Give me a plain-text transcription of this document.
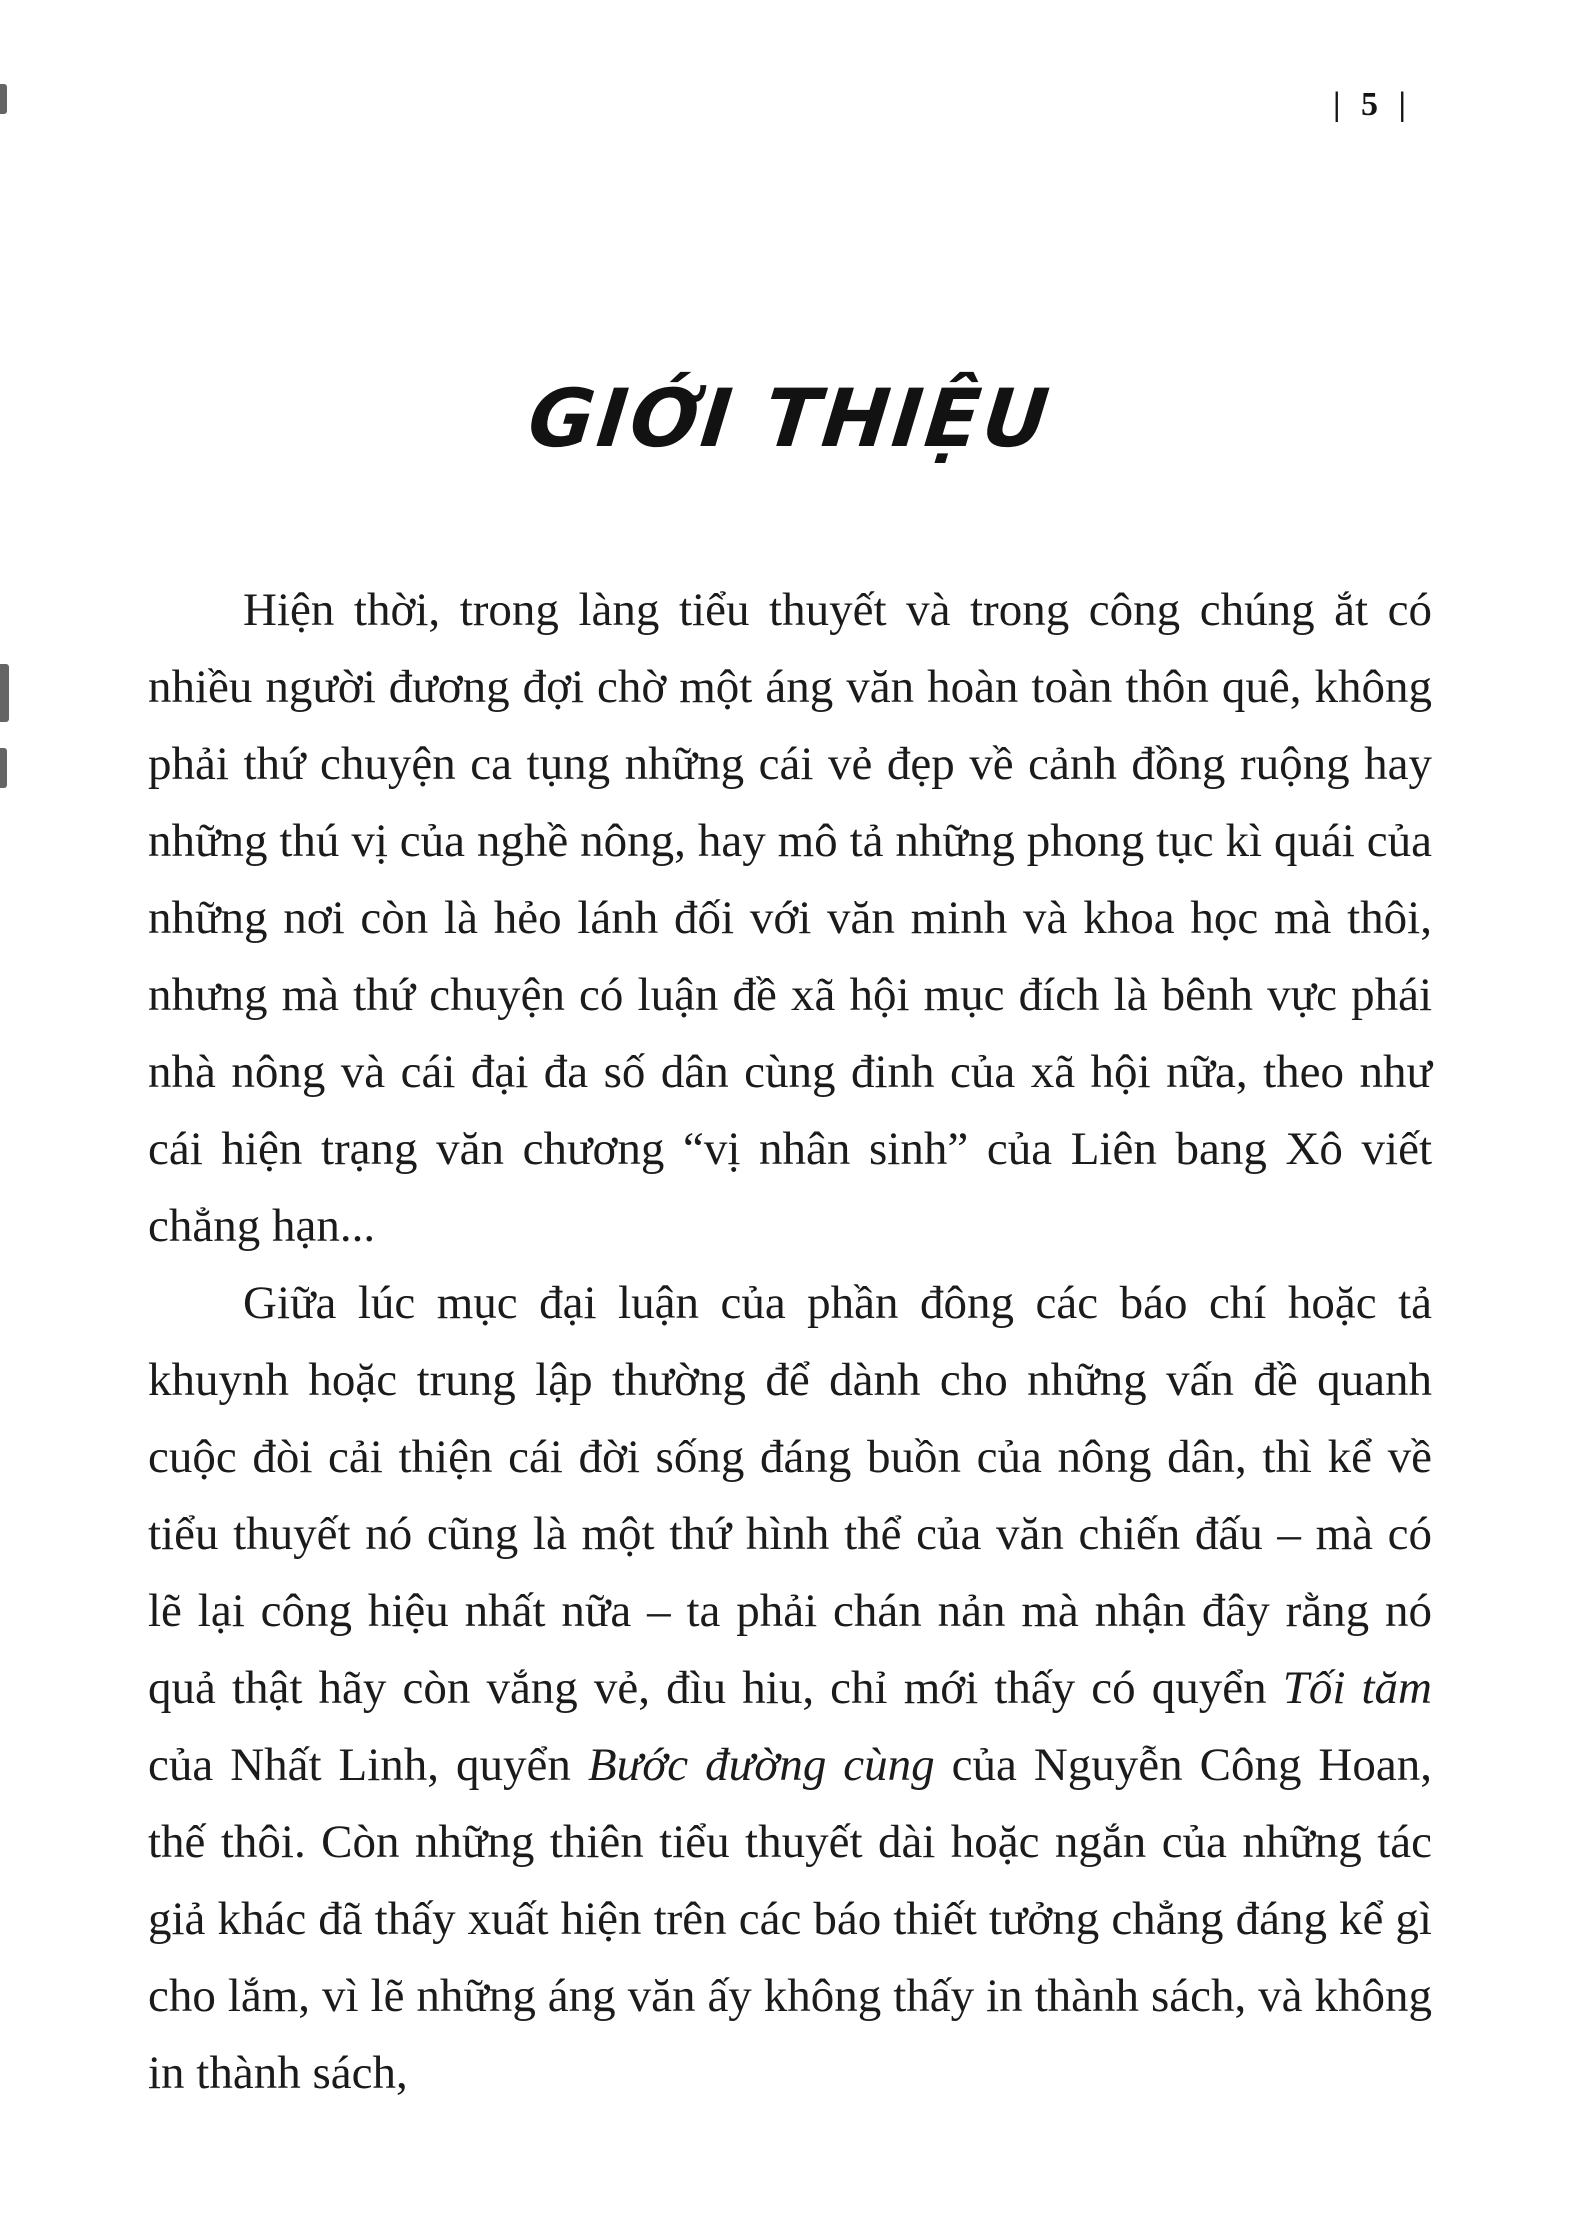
| 5 |
GIỚI THIỆU

Hiện thời, trong làng tiểu thuyết và trong công chúng ắt có nhiều người đương đợi chờ một áng văn hoàn toàn thôn quê, không phải thứ chuyện ca tụng những cái vẻ đẹp về cảnh đồng ruộng hay những thú vị của nghề nông, hay mô tả những phong tục kì quái của những nơi còn là hẻo lánh đối với văn minh và khoa học mà thôi, nhưng mà thứ chuyện có luận đề xã hội mục đích là bênh vực phái nhà nông và cái đại đa số dân cùng đinh của xã hội nữa, theo như cái hiện trạng văn chương “vị nhân sinh” của Liên bang Xô viết chẳng hạn...

Giữa lúc mục đại luận của phần đông các báo chí hoặc tả khuynh hoặc trung lập thường để dành cho những vấn đề quanh cuộc đòi cải thiện cái đời sống đáng buồn của nông dân, thì kể về tiểu thuyết nó cũng là một thứ hình thể của văn chiến đấu – mà có lẽ lại công hiệu nhất nữa – ta phải chán nản mà nhận đây rằng nó quả thật hãy còn vắng vẻ, đìu hiu, chỉ mới thấy có quyển Tối tăm của Nhất Linh, quyển Bước đường cùng của Nguyễn Công Hoan, thế thôi. Còn những thiên tiểu thuyết dài hoặc ngắn của những tác giả khác đã thấy xuất hiện trên các báo thiết tưởng chẳng đáng kể gì cho lắm, vì lẽ những áng văn ấy không thấy in thành sách, và không in thành sách,
